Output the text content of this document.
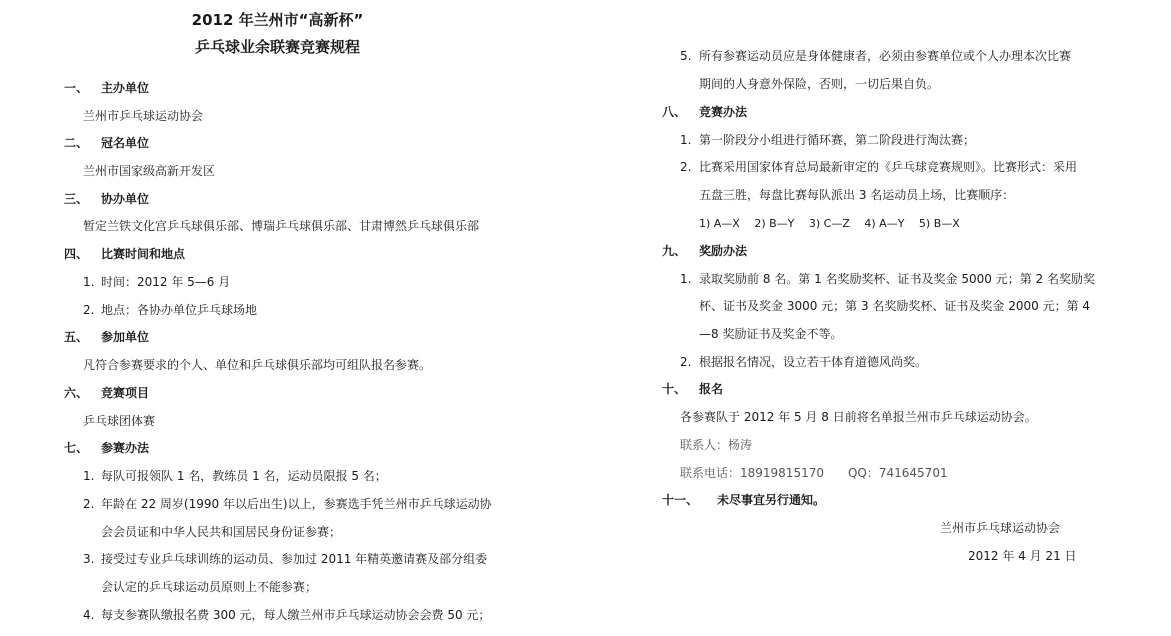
2012 年兰州市“高新杯”
乒乓球业余联赛竞赛规程
一、 主办单位
兰州市乒乓球运动协会
二、 冠名单位
兰州市国家级高新开发区
三、 协办单位
暂定兰铁文化宫乒乓球俱乐部、博瑞乒乓球俱乐部、甘肃博然乒乓球俱乐部
四、 比赛时间和地点
1. 时间：2012 年 5—6 月
2. 地点：各协办单位乒乓球场地
五、 参加单位
凡符合参赛要求的个人、单位和乒乓球俱乐部均可组队报名参赛。
六、 竞赛项目
乒乓球团体赛
七、 参赛办法
1. 每队可报领队 1 名，教练员 1 名，运动员限报 5 名；
2. 年龄在 22 周岁(1990 年以后出生)以上，参赛选手凭兰州市乒乓球运动协
会会员证和中华人民共和国居民身份证参赛；
3. 接受过专业乒乓球训练的运动员、参加过 2011 年精英邀请赛及部分组委
会认定的乒乓球运动员原则上不能参赛；
4. 每支参赛队缴报名费 300 元，每人缴兰州市乒乓球运动协会会费 50 元；
5. 所有参赛运动员应是身体健康者，必须由参赛单位或个人办理本次比赛
期间的人身意外保险，否则，一切后果自负。
八、 竞赛办法
1. 第一阶段分小组进行循环赛，第二阶段进行淘汰赛；
2. 比赛采用国家体育总局最新审定的《乒乓球竞赛规则》。比赛形式：采用
五盘三胜，每盘比赛每队派出 3 名运动员上场，比赛顺序：
1) A—X　 2) B—Y　 3) C—Z　 4) A—Y　 5) B—X
九、 奖励办法
1. 录取奖励前 8 名。第 1 名奖励奖杯、证书及奖金 5000 元；第 2 名奖励奖
杯、证书及奖金 3000 元；第 3 名奖励奖杯、证书及奖金 2000 元；第 4
—8 奖励证书及奖金不等。
2. 根据报名情况，设立若干体育道德风尚奖。
十、 报名
各参赛队于 2012 年 5 月 8 日前将名单报兰州市乒乓球运动协会。
联系人：杨涛
联系电话：18919815170　　QQ：741645701
十一、 未尽事宜另行通知。
兰州市乒乓球运动协会
2012 年 4 月 21 日
